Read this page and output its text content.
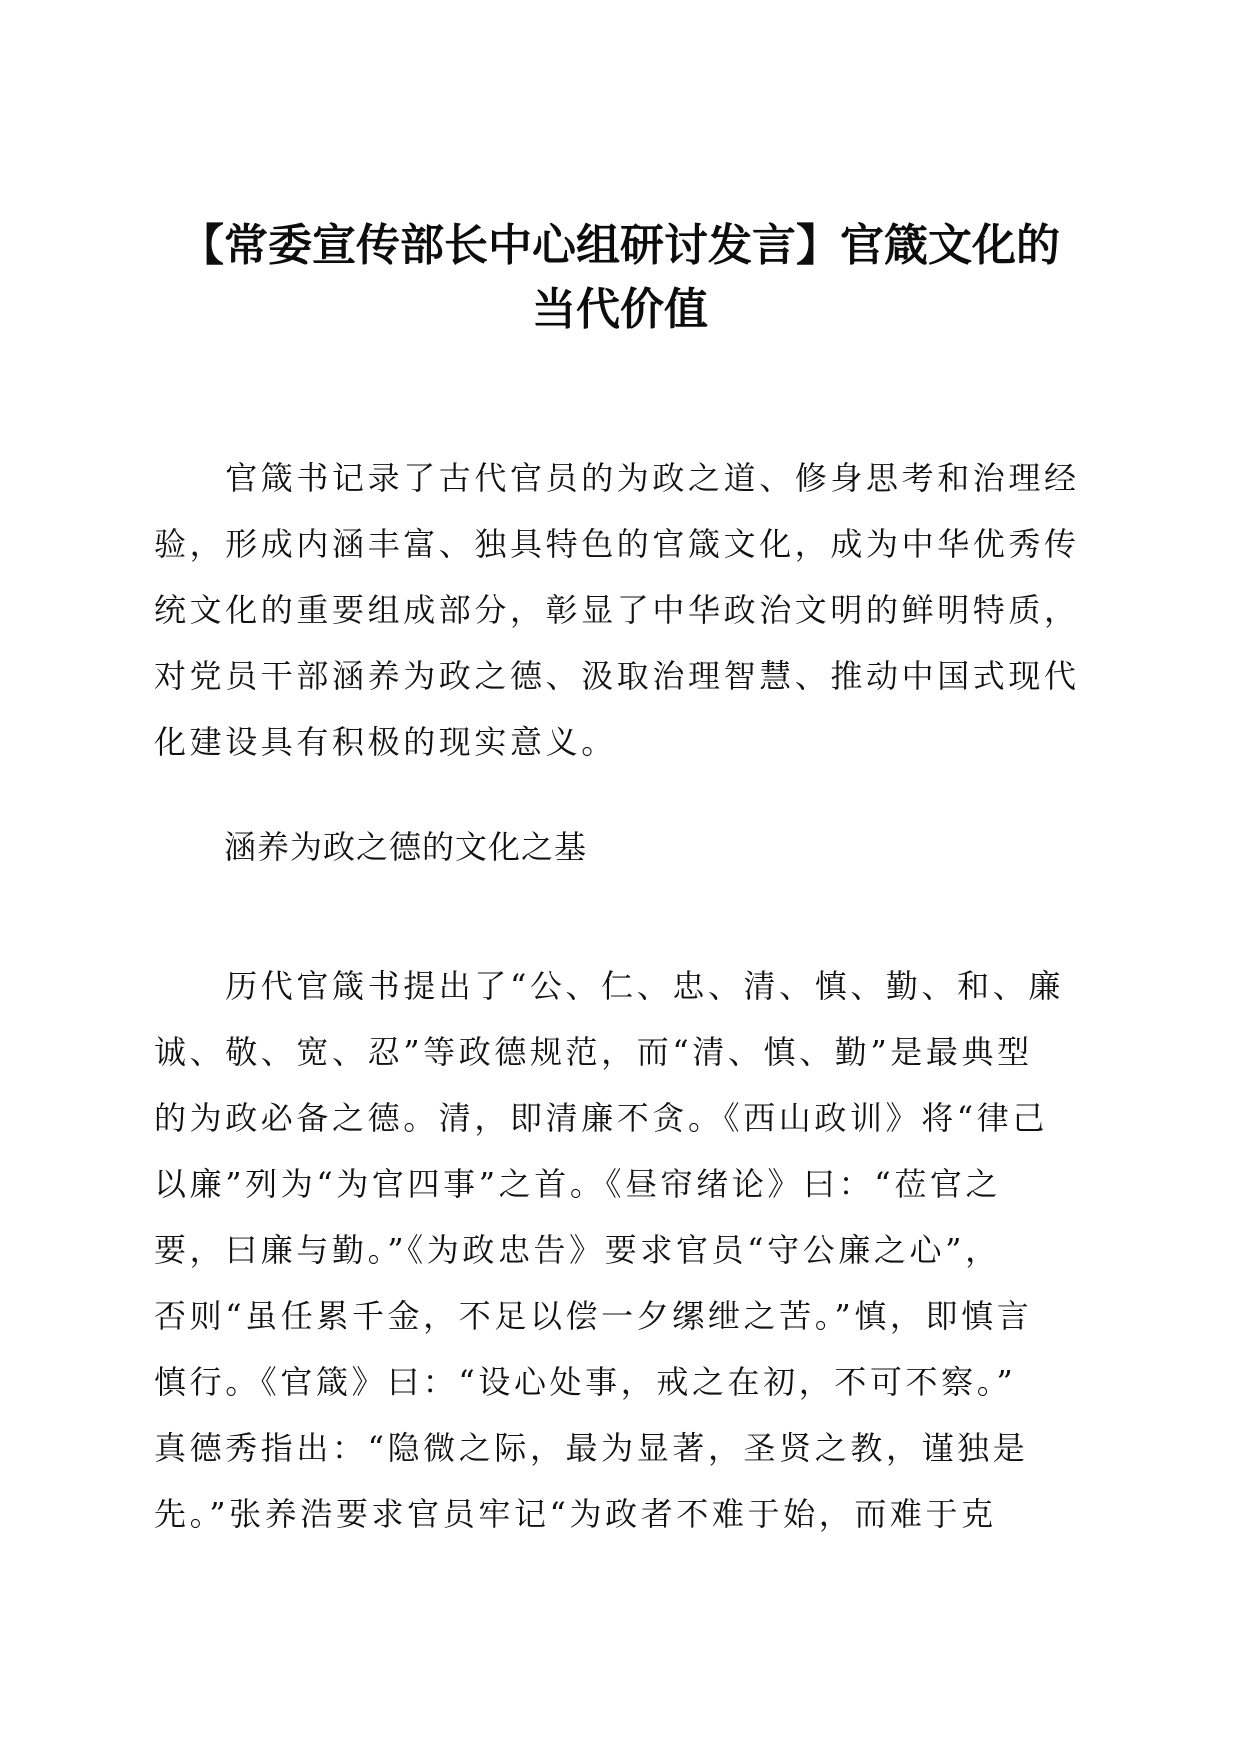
【常委宣传部长中心组研讨发言】官箴文化的
当代价值
　　官箴书记录了古代官员的为政之道、修身思考和治理经
验，形成内涵丰富、独具特色的官箴文化，成为中华优秀传
统文化的重要组成部分，彰显了中华政治文明的鲜明特质，
对党员干部涵养为政之德、汲取治理智慧、推动中国式现代
化建设具有积极的现实意义。
涵养为政之德的文化之基
　　历代官箴书提出了“公、仁、忠、清、慎、勤、和、廉
诚、敬、宽、忍”等政德规范，而“清、慎、勤”是最典型
的为政必备之德。清，即清廉不贪。《西山政训》将“律己
以廉”列为“为官四事”之首。《昼帘绪论》曰：“莅官之
要，曰廉与勤。”《为政忠告》要求官员“守公廉之心”，
否则“虽任累千金，不足以偿一夕缧绁之苦。”慎，即慎言
慎行。《官箴》曰：“设心处事，戒之在初，不可不察。”
真德秀指出：“隐微之际，最为显著，圣贤之教，谨独是
先。”张养浩要求官员牢记“为政者不难于始，而难于克
